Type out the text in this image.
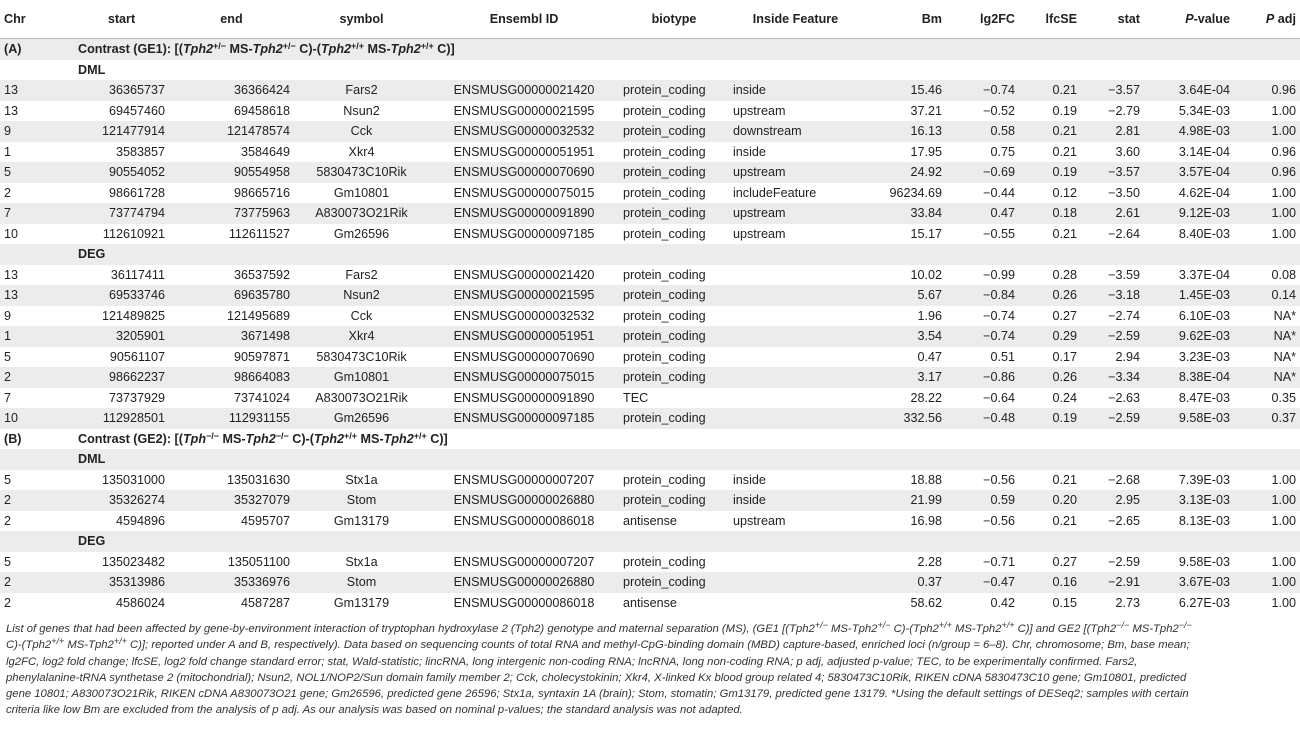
Chr	start	end	symbol	Ensembl ID	biotype	Inside Feature	Bm	lg2FC	lfcSE	stat	P-value	P adj
(A)	Contrast (GE1): [(Tph2+/− MS-Tph2+/− C)-(Tph2+/+ MS-Tph2+/+ C)]											
	DML											
13	36365737	36366424	Fars2	ENSMUSG00000021420	protein_coding	inside	15.46	−0.74	0.21	−3.57	3.64E-04	0.96
13	69457460	69458618	Nsun2	ENSMUSG00000021595	protein_coding	upstream	37.21	−0.52	0.19	−2.79	5.34E-03	1.00
9	121477914	121478574	Cck	ENSMUSG00000032532	protein_coding	downstream	16.13	0.58	0.21	2.81	4.98E-03	1.00
1	3583857	3584649	Xkr4	ENSMUSG00000051951	protein_coding	inside	17.95	0.75	0.21	3.60	3.14E-04	0.96
5	90554052	90554958	5830473C10Rik	ENSMUSG00000070690	protein_coding	upstream	24.92	−0.69	0.19	−3.57	3.57E-04	0.96
2	98661728	98665716	Gm10801	ENSMUSG00000075015	protein_coding	includeFeature	96234.69	−0.44	0.12	−3.50	4.62E-04	1.00
7	73774794	73775963	A830073O21Rik	ENSMUSG00000091890	protein_coding	upstream	33.84	0.47	0.18	2.61	9.12E-03	1.00
10	112610921	112611527	Gm26596	ENSMUSG00000097185	protein_coding	upstream	15.17	−0.55	0.21	−2.64	8.40E-03	1.00
	DEG											
13	36117411	36537592	Fars2	ENSMUSG00000021420	protein_coding		10.02	−0.99	0.28	−3.59	3.37E-04	0.08
13	69533746	69635780	Nsun2	ENSMUSG00000021595	protein_coding		5.67	−0.84	0.26	−3.18	1.45E-03	0.14
9	121489825	121495689	Cck	ENSMUSG00000032532	protein_coding		1.96	−0.74	0.27	−2.74	6.10E-03	NA*
1	3205901	3671498	Xkr4	ENSMUSG00000051951	protein_coding		3.54	−0.74	0.29	−2.59	9.62E-03	NA*
5	90561107	90597871	5830473C10Rik	ENSMUSG00000070690	protein_coding		0.47	0.51	0.17	2.94	3.23E-03	NA*
2	98662237	98664083	Gm10801	ENSMUSG00000075015	protein_coding		3.17	−0.86	0.26	−3.34	8.38E-04	NA*
7	73737929	73741024	A830073O21Rik	ENSMUSG00000091890	TEC		28.22	−0.64	0.24	−2.63	8.47E-03	0.35
10	112928501	112931155	Gm26596	ENSMUSG00000097185	protein_coding		332.56	−0.48	0.19	−2.59	9.58E-03	0.37
(B)	Contrast (GE2): [(Tph−/− MS-Tph2−/− C)-(Tph2+/+ MS-Tph2+/+ C)]											
	DML											
5	135031000	135031630	Stx1a	ENSMUSG00000007207	protein_coding	inside	18.88	−0.56	0.21	−2.68	7.39E-03	1.00
2	35326274	35327079	Stom	ENSMUSG00000026880	protein_coding	inside	21.99	0.59	0.20	2.95	3.13E-03	1.00
2	4594896	4595707	Gm13179	ENSMUSG00000086018	antisense	upstream	16.98	−0.56	0.21	−2.65	8.13E-03	1.00
	DEG											
5	135023482	135051100	Stx1a	ENSMUSG00000007207	protein_coding		2.28	−0.71	0.27	−2.59	9.58E-03	1.00
2	35313986	35336976	Stom	ENSMUSG00000026880	protein_coding		0.37	−0.47	0.16	−2.91	3.67E-03	1.00
2	4586024	4587287	Gm13179	ENSMUSG00000086018	antisense		58.62	0.42	0.15	2.73	6.27E-03	1.00

List of genes that had been affected by gene-by-environment interaction of tryptophan hydroxylase 2 (Tph2) genotype and maternal separation (MS), (GE1 [(Tph2+/− MS-Tph2+/− C)-(Tph2+/+ MS-Tph2+/+ C)] and GE2 [(Tph2−/− MS-Tph2−/− C)-(Tph2+/+ MS-Tph2+/+ C)]; reported under A and B, respectively). Data based on sequencing counts of total RNA and methyl-CpG-binding domain (MBD) capture-based, enriched loci (n/group = 6–8). Chr, chromosome; Bm, base mean; lg2FC, log2 fold change; lfcSE, log2 fold change standard error; stat, Wald-statistic; lincRNA, long intergenic non-coding RNA; lncRNA, long non-coding RNA; p adj, adjusted p-value; TEC, to be experimentally confirmed. Fars2, phenylalanine-tRNA synthetase 2 (mitochondrial); Nsun2, NOL1/NOP2/Sun domain family member 2; Cck, cholecystokinin; Xkr4, X-linked Kx blood group related 4; 5830473C10Rik, RIKEN cDNA 5830473C10 gene; Gm10801, predicted gene 10801; A830073O21Rik, RIKEN cDNA A830073O21 gene; Gm26596, predicted gene 26596; Stx1a, syntaxin 1A (brain); Stom, stomatin; Gm13179, predicted gene 13179. *Using the default settings of DESeq2; samples with certain criteria like low Bm are excluded from the analysis of p adj. As our analysis was based on nominal p-values; the standard analysis was not adapted.
